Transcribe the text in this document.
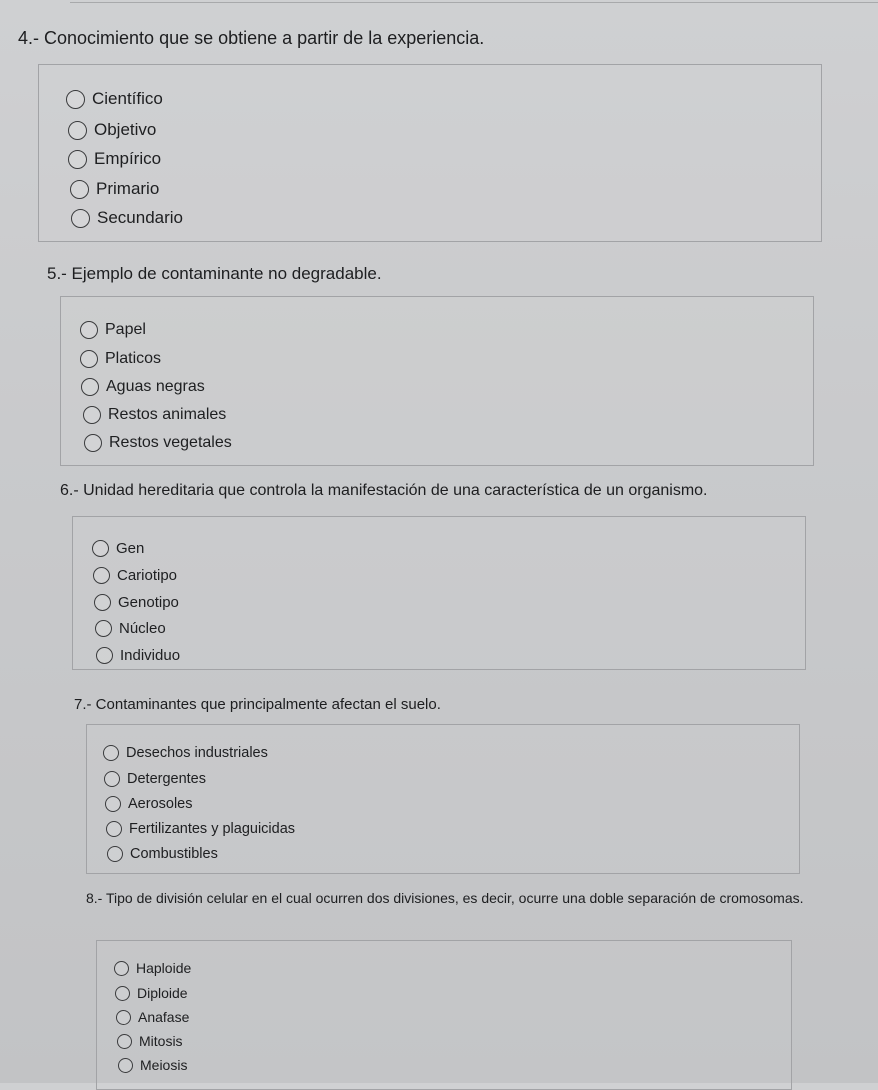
4.- Conocimiento que se obtiene a partir de la experiencia.
Científico
Objetivo
Empírico
Primario
Secundario
5.- Ejemplo de contaminante no degradable.
Papel
Platicos
Aguas negras
Restos animales
Restos vegetales
6.- Unidad hereditaria que controla la manifestación de una característica de un organismo.
Gen
Cariotipo
Genotipo
Núcleo
Individuo
7.- Contaminantes que principalmente afectan el suelo.
Desechos industriales
Detergentes
Aerosoles
Fertilizantes y plaguicidas
Combustibles
8.- Tipo de división celular en el cual ocurren dos divisiones, es decir, ocurre una doble separación de cromosomas.
Haploide
Diploide
Anafase
Mitosis
Meiosis
